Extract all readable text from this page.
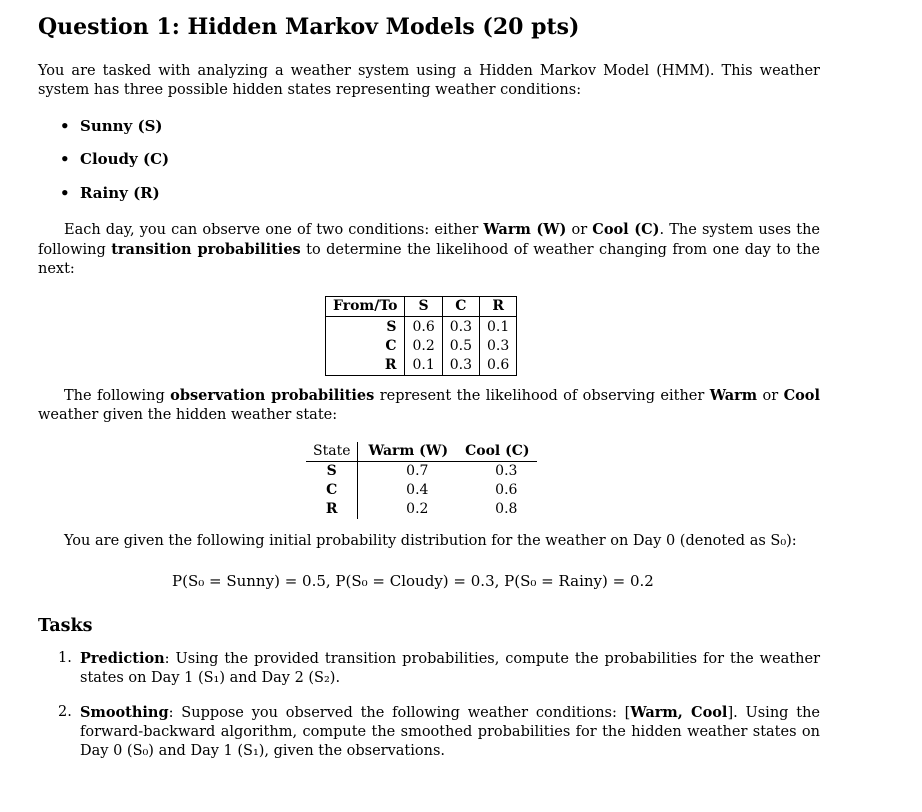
Question 1: Hidden Markov Models (20 pts)

You are tasked with analyzing a weather system using a Hidden Markov Model (HMM). This weather system has three possible hidden states representing weather conditions:

• Sunny (S)
• Cloudy (C)
• Rainy (R)

Each day, you can observe one of two conditions: either Warm (W) or Cool (C). The system uses the following transition probabilities to determine the likelihood of weather changing from one day to the next:

From/To	S	C	R
S	0.6	0.3	0.1
C	0.2	0.5	0.3
R	0.1	0.3	0.6

The following observation probabilities represent the likelihood of observing either Warm or Cool weather given the hidden weather state:

State	Warm (W)	Cool (C)
S	0.7	0.3
C	0.4	0.6
R	0.2	0.8

You are given the following initial probability distribution for the weather on Day 0 (denoted as S₀):

P(S₀ = Sunny) = 0.5, P(S₀ = Cloudy) = 0.3, P(S₀ = Rainy) = 0.2
Tasks
1. Prediction: Using the provided transition probabilities, compute the probabilities for the weather states on Day 1 (S₁) and Day 2 (S₂).
2. Smoothing: Suppose you observed the following weather conditions: [Warm, Cool]. Using the forward-backward algorithm, compute the smoothed probabilities for the hidden weather states on Day 0 (S₀) and Day 1 (S₁), given the observations.
